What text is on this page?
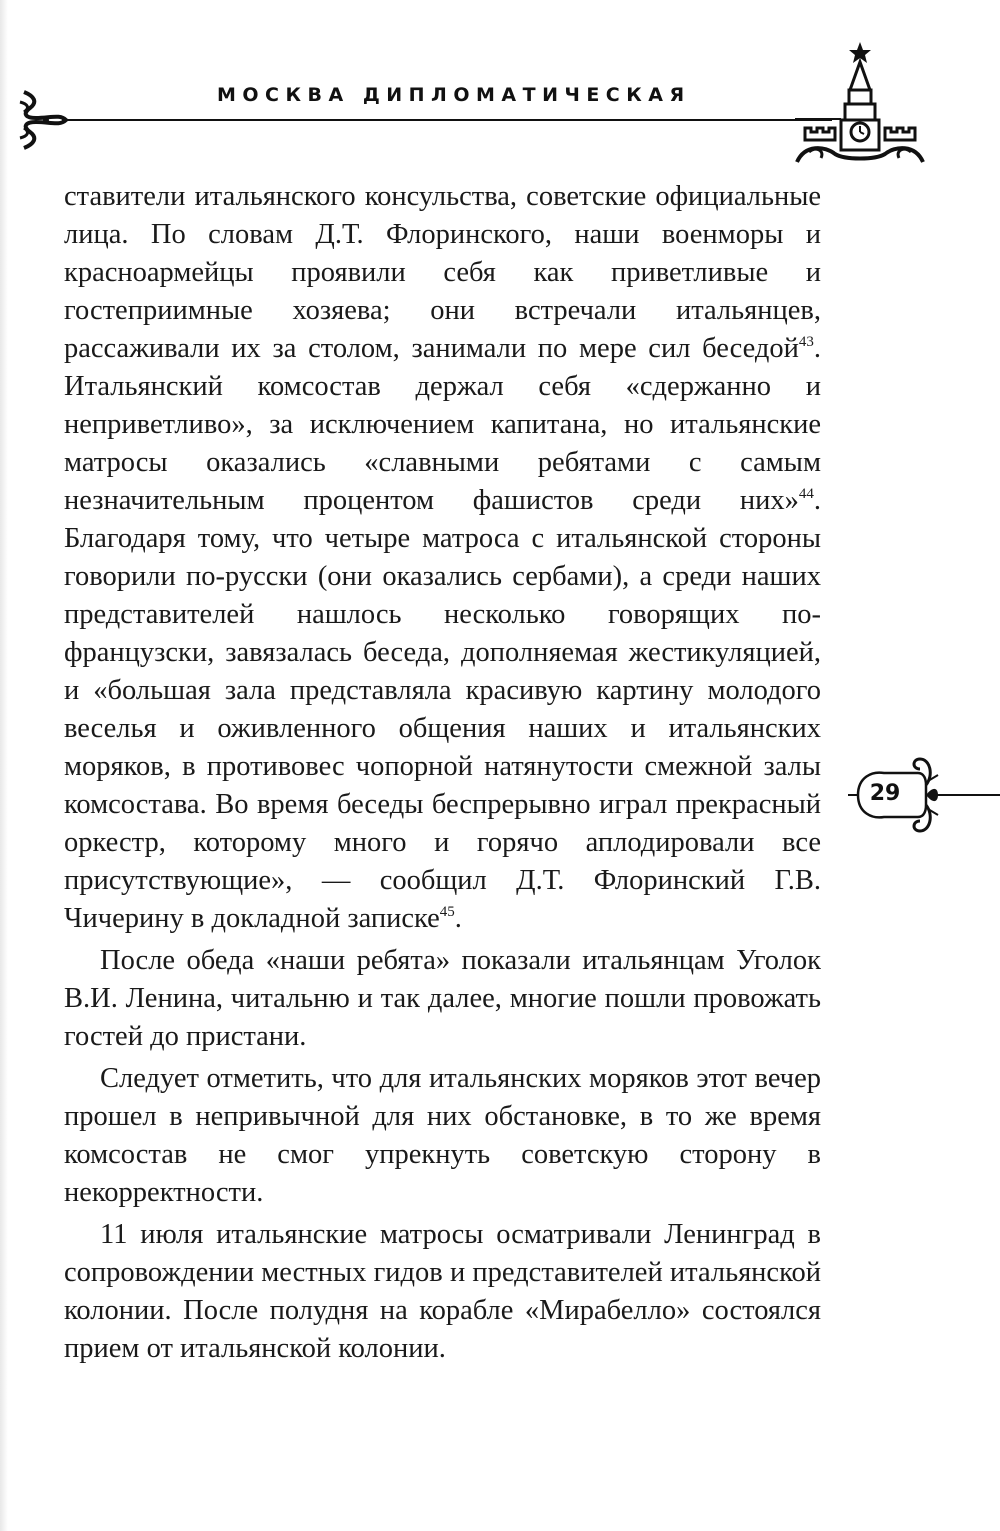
МОСКВА ДИПЛОМАТИЧЕСКАЯ

ставители итальянского консульства, советские официальные лица. По словам Д.Т. Флоринского, наши военморы и красноармейцы проявили себя как приветливые и гостеприимные хозяева; они встречали итальянцев, рассаживали их за столом, занимали по мере сил беседой$^{43}$. Итальянский комсостав держал себя «сдержанно и неприветливо», за исключением капитана, но итальянские матросы оказались «славными ребятами с самым незначительным процентом фашистов среди них»$^{44}$. Благодаря тому, что четыре матроса с итальянской стороны говорили по-русски (они оказались сербами), а среди наших представителей нашлось несколько говорящих по-французски, завязалась беседа, дополняемая жестикуляцией, и «большая зала представляла красивую картину молодого веселья и оживленного общения наших и итальянских моряков, в противовес чопорной натянутости смежной залы комсостава. Во время беседы беспрерывно играл прекрасный оркестр, которому много и горячо аплодировали все присутствующие», — сообщил Д.Т. Флоринский Г.В. Чичерину в докладной записке$^{45}$.

После обеда «наши ребята» показали итальянцам Уголок В.И. Ленина, читальню и так далее, многие пошли провожать гостей до пристани.

Следует отметить, что для итальянских моряков этот вечер прошел в непривычной для них обстановке, в то же время комсостав не смог упрекнуть советскую сторону в некорректности.

11 июля итальянские матросы осматривали Ленинград в сопровождении местных гидов и представителей итальянской колонии. После полудня на корабле «Мирабелло» состоялся прием от итальянской колонии.

29
